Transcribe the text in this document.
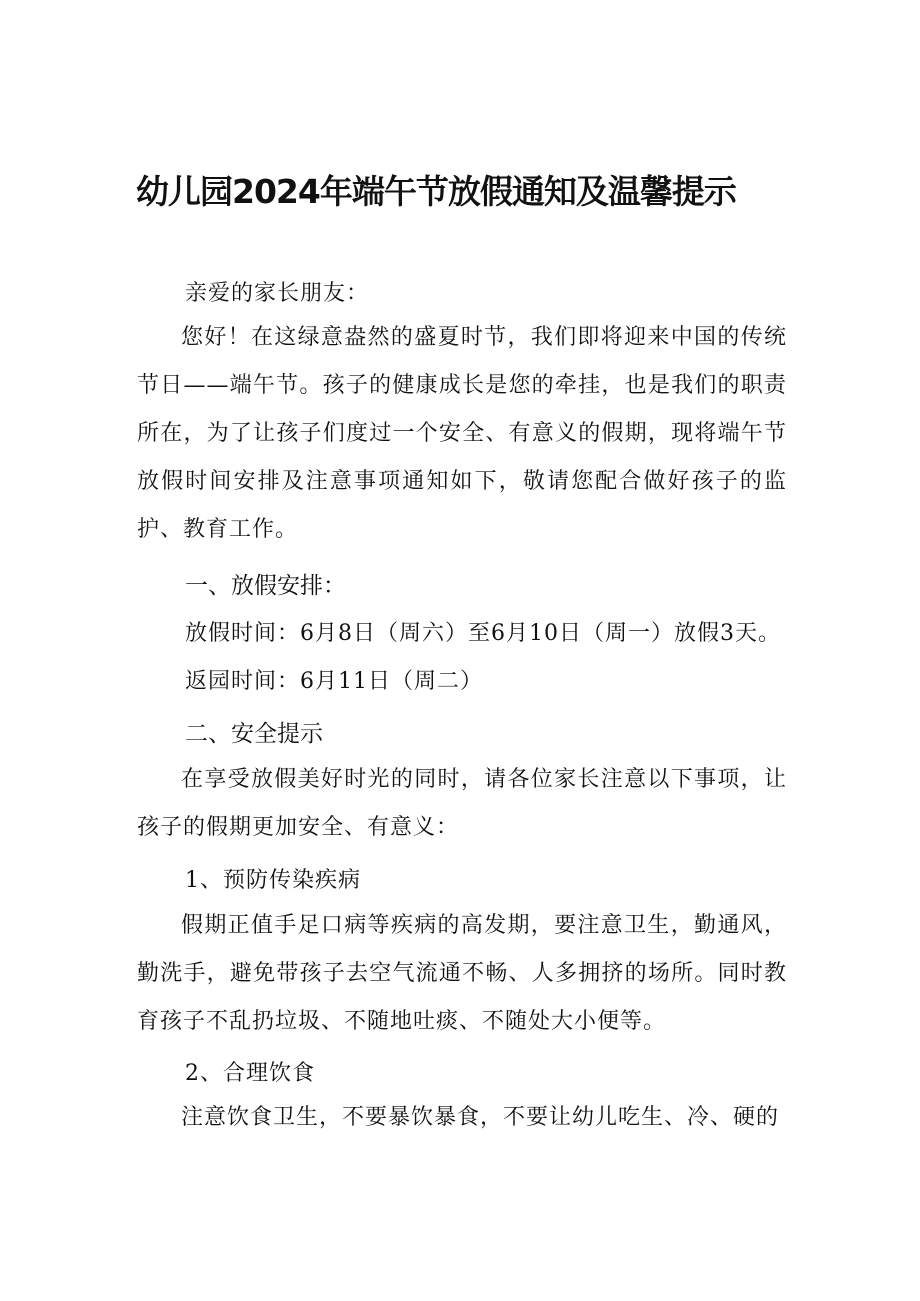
幼儿园2024年端午节放假通知及温馨提示
亲爱的家长朋友：

您好！在这绿意盎然的盛夏时节，我们即将迎来中国的传统节日——端午节。孩子的健康成长是您的牵挂，也是我们的职责所在，为了让孩子们度过一个安全、有意义的假期，现将端午节放假时间安排及注意事项通知如下，敬请您配合做好孩子的监护、教育工作。

一、放假安排：
放假时间：6月8日（周六）至6月10日（周一）放假3天。
返园时间：6月11日（周二）
二、安全提示

在享受放假美好时光的同时，请各位家长注意以下事项，让孩子的假期更加安全、有意义：

1、预防传染疾病

假期正值手足口病等疾病的高发期，要注意卫生，勤通风，勤洗手，避免带孩子去空气流通不畅、人多拥挤的场所。同时教育孩子不乱扔垃圾、不随地吐痰、不随处大小便等。

2、合理饮食

注意饮食卫生，不要暴饮暴食，不要让幼儿吃生、冷、硬的
